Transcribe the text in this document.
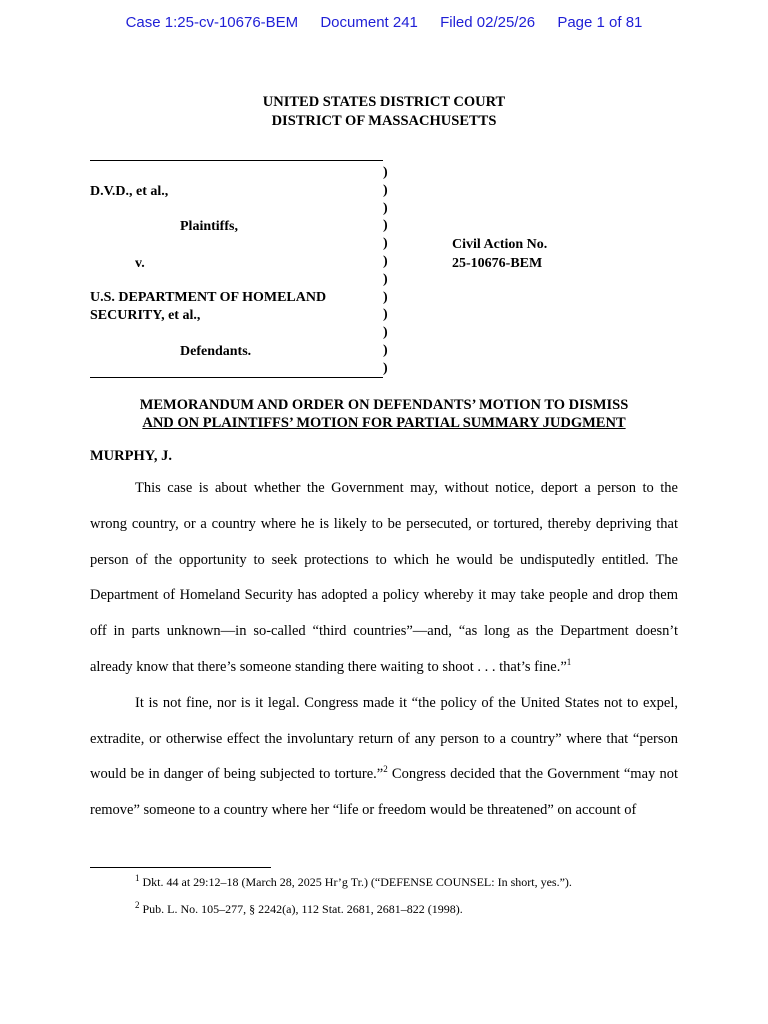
Case 1:25-cv-10676-BEM Document 241 Filed 02/25/26 Page 1 of 81
UNITED STATES DISTRICT COURT
DISTRICT OF MASSACHUSETTS
)
)
)
)
)
)
)
)
)
)
)
)
D.V.D., et al.,
Plaintiffs,
v.
U.S. DEPARTMENT OF HOMELAND
SECURITY, et al.,
Defendants.
Civil Action No.
25-10676-BEM
MEMORANDUM AND ORDER ON DEFENDANTS’ MOTION TO DISMISS
AND ON PLAINTIFFS’ MOTION FOR PARTIAL SUMMARY JUDGMENT
MURPHY, J.

This case is about whether the Government may, without notice, deport a person to the wrong country, or a country where he is likely to be persecuted, or tortured, thereby depriving that person of the opportunity to seek protections to which he would be undisputedly entitled. The Department of Homeland Security has adopted a policy whereby it may take people and drop them off in parts unknown—in so-called “third countries”—and, “as long as the Department doesn’t already know that there’s someone standing there waiting to shoot . . . that’s fine.”$^1$

It is not fine, nor is it legal. Congress made it “the policy of the United States not to expel, extradite, or otherwise effect the involuntary return of any person to a country” where that “person would be in danger of being subjected to torture.”$^2$ Congress decided that the Government “may not remove” someone to a country where her “life or freedom would be threatened” on account of

$^1$ Dkt. 44 at 29:12–18 (March 28, 2025 Hr’g Tr.) (“DEFENSE COUNSEL: In short, yes.”).
$^2$ Pub. L. No. 105–277, § 2242(a), 112 Stat. 2681, 2681–822 (1998).
